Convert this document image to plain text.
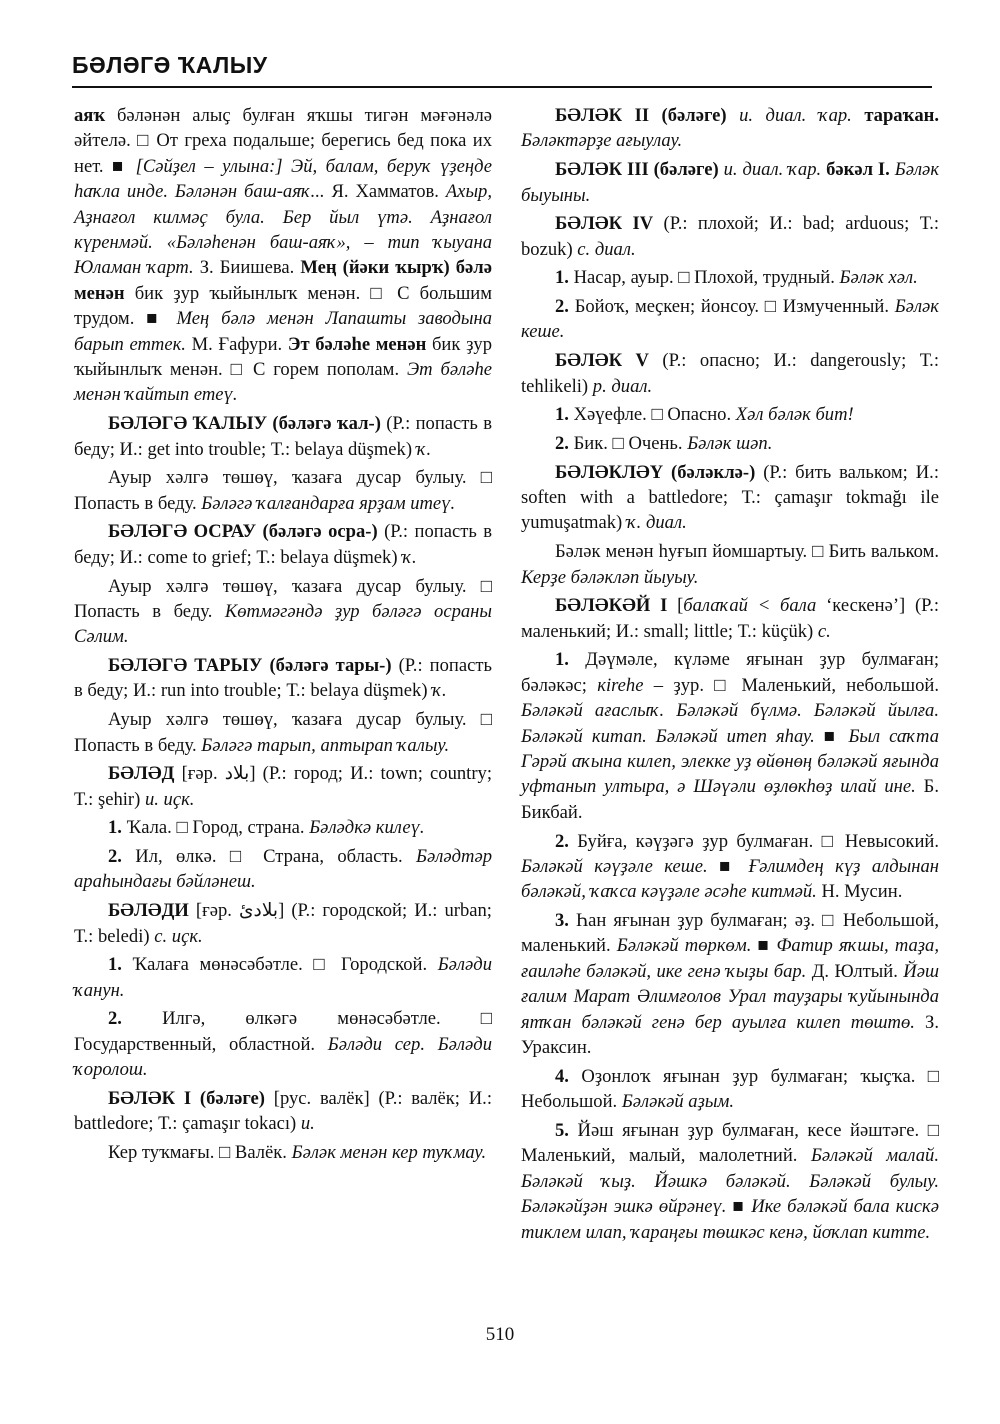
БӘЛӘГӘ ҠАЛЫУ

аяҡ бәләнән алыҫ булған яҡшы тигән мәғәнәлә әйтелә. □ От греха подальше; берегись бед пока их нет. ■ [Сәйҙел – улына:] Эй, балам, беруҡ үҙеңде һаҡла инде. Бәләнән баш-аяҡ... Я. Хамматов. Ахыр, Аҙнағол килмәҫ була. Бер йыл үтә. Аҙнағол күренмәй. «Бәләһенән баш-аяҡ», – тип ҡыуана Юламан ҡарт. З. Биишева. Мең (йәки ҡырҡ) бәлә менән бик ҙур ҡыйынлыҡ менән. □ С большим трудом. ■ Мең бәлә менән Лапашты заводына барып еттек. М. Ғафури. Эт бәләһе менән бик ҙур ҡыйынлыҡ менән. □ С горем пополам. Эт бәләһе менән ҡайтып етеү.

БӘЛӘГӘ ҠАЛЫУ (бәләгә ҡал-) (Р.: попасть в беду; И.: get into trouble; Т.: belaya düşmek) ҡ.

Ауыр хәлгә төшөү, ҡазаға дусар булыу. □ Попасть в беду. Бәләгә ҡалғандарға ярҙам итеү.

БӘЛӘГӘ ОСРАУ (бәләгә осра-) (Р.: попасть в беду; И.: come to grief; Т.: belaya düşmek) ҡ.

Ауыр хәлгә төшөү, ҡазаға дусар булыу. □ Попасть в беду. Көтмәгәндә ҙур бәләгә осраны Сәлим.

БӘЛӘГӘ ТАРЫУ (бәләгә тары-) (Р.: попасть в беду; И.: run into trouble; Т.: belaya düşmek) ҡ.

Ауыр хәлгә төшөү, ҡазаға дусар булыу. □ Попасть в беду. Бәләгә тарып, аптырап ҡалыу.

БӘЛӘД [ғәр. بلاد] (Р.: город; И.: town; country; Т.: şehir) и. иҫк.

1. Ҡала. □ Город, страна. Бәләдкә килеү.

2. Ил, өлкә. □ Страна, область. Бәләдтәр араһындағы бәйләнеш.

БӘЛӘДИ [ғәр. بلادئ] (Р.: городской; И.: urban; Т.: beledi) с. иҫк.

1. Ҡалаға мөнәсәбәтле. □ Городской. Бәләди ҡанун.

2. Илгә, өлкәгә мөнәсәбәтле. □ Государственный, областной. Бәләди сер. Бәләди ҡоролош.

БӘЛӘК I (бәләге) [рус. валёк] (Р.: валёк; И.: battledore; Т.: çamaşır tokacı) и.

Кер туҡмағы. □ Валёк. Бәләк менән кер туҡмау.

БӘЛӘК II (бәләге) и. диал. ҡар. тараҡан. Бәләктәрҙе ағыулау.

БӘЛӘК III (бәләге) и. диал. ҡар. бәкәл I. Бәләк быуыны.

БӘЛӘК IV (Р.: плохой; И.: bad; arduous; Т.: bozuk) с. диал.

1. Насар, ауыр. □ Плохой, трудный. Бәләк хәл.

2. Бойоҡ, меҫкен; йонсоу. □ Измученный. Бәләк кеше.

БӘЛӘК V (Р.: опасно; И.: dangerously; Т.: tehlikeli) р. диал.

1. Хәүефле. □ Опасно. Хәл бәләк бит!

2. Бик. □ Очень. Бәләк шәп.

БӘЛӘКЛӘҮ (бәләклә-) (Р.: бить вальком; И.: soften with a battledore; Т.: çamaşır tokmağı ile yumuşatmak) ҡ. диал.

Бәләк менән һуғып йомшартыу. □ Бить вальком. Керҙе бәләкләп йыуыу.

БӘЛӘКӘЙ I [балаҡай < бала ‘кескенә’] (Р.: маленький; И.: small; little; Т.: küçük) с.

1. Дәүмәле, күләме яғынан ҙур булмаған; бәләкәс; кireһе – ҙур. □ Маленький, небольшой. Бәләкәй ағаслыҡ. Бәләкәй бүлмә. Бәләкәй йылға. Бәләкәй китап. Бәләкәй итеп яһау. ■ Был саҡта Гәрәй аҡына килеп, элекке уҙ өйөнөң бәләкәй яғында уфтанып ултыра, ә Шәүәли өҙлөкһөҙ илай ине. Б. Бикбай.

2. Буйға, кәүҙәгә ҙур булмаған. □ Невысокий. Бәләкәй кәүҙәле кеше. ■ Ғәлимдең күҙ алдынан бәләкәй, ҡаҡса кәүҙәле әсәһе китмәй. Н. Мусин.

3. Һан яғынан ҙур булмаған; әҙ. □ Небольшой, маленький. Бәләкәй төркөм. ■ Фатир яҡшы, таҙа, ғаиләһе бәләкәй, ике генә ҡыҙы бар. Д. Юлтый. Йәш ғалим Марат Әлимғолов Урал тауҙары ҡуйынында ятҡан бәләкәй генә бер ауылға килеп төштө. З. Ураксин.

4. Оҙонлоҡ яғынан ҙур булмаған; ҡыҫҡа. □ Небольшой. Бәләкәй аҙым.

5. Йәш яғынан ҙур булмаған, кесе йәштәге. □ Маленький, малый, малолетний. Бәләкәй малай. Бәләкәй ҡыҙ. Йәшкә бәләкәй. Бәләкәй булыу. Бәләкәйҙән эшкә өйрәнеү. ■ Ике бәләкәй бала кискә тиклем илап, ҡараңғы төшкәс кенә, йоҡлап китте.

510
